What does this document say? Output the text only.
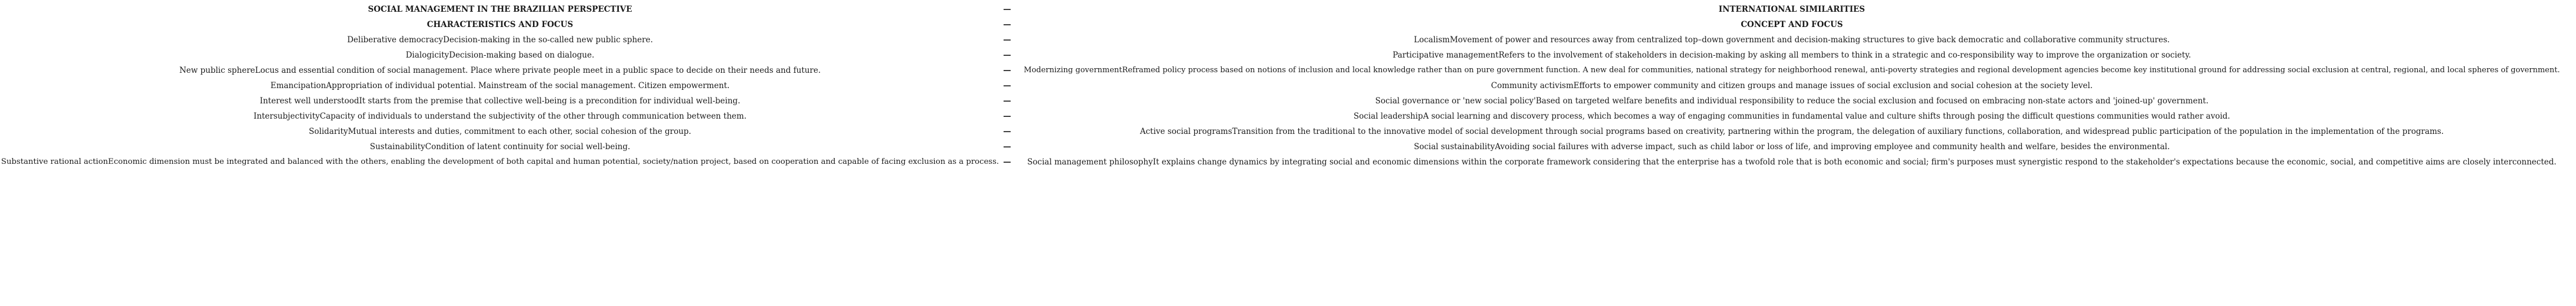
SOCIAL MANAGEMENT IN THE BRAZILIAN PERSPECTIVE	—	INTERNATIONAL SIMILARITIES
CHARACTERISTICS AND FOCUS	—	CONCEPT AND FOCUS
Deliberative democracyDecision-making in the so-called new public sphere.	—	LocalismMovement of power and resources away from centralized top–down government and decision-making structures to give back democratic and collaborative community structures.
DialogicityDecision-making based on dialogue.	—	Participative managementRefers to the involvement of stakeholders in decision-making by asking all members to think in a strategic and co-responsibility way to improve the organization or society.
New public sphereLocus and essential condition of social management. Place where private people meet in a public space to decide on their needs and future.	—	Modernizing governmentReframed policy process based on notions of inclusion and local knowledge rather than on pure government function. A new deal for communities, national strategy for neighborhood renewal, anti-poverty strategies and regional development agencies become key institutional ground for addressing social exclusion at central, regional, and local spheres of government.
EmancipationAppropriation of individual potential. Mainstream of the social management. Citizen empowerment.	—	Community activismEfforts to empower community and citizen groups and manage issues of social exclusion and social cohesion at the society level.
Interest well understoodIt starts from the premise that collective well-being is a precondition for individual well-being.	—	Social governance or 'new social policy'Based on targeted welfare benefits and individual responsibility to reduce the social exclusion and focused on embracing non-state actors and 'joined-up' government.
IntersubjectivityCapacity of individuals to understand the subjectivity of the other through communication between them.	—	Social leadershipA social learning and discovery process, which becomes a way of engaging communities in fundamental value and culture shifts through posing the difficult questions communities would rather avoid.
SolidarityMutual interests and duties, commitment to each other, social cohesion of the group.	—	Active social programsTransition from the traditional to the innovative model of social development through social programs based on creativity, partnering within the program, the delegation of auxiliary functions, collaboration, and widespread public participation of the population in the implementation of the programs.
SustainabilityCondition of latent continuity for social well-being.	—	Social sustainabilityAvoiding social failures with adverse impact, such as child labor or loss of life, and improving employee and community health and welfare, besides the environmental.
Substantive rational actionEconomic dimension must be integrated and balanced with the others, enabling the development of both capital and human potential, society/nation project, based on cooperation and capable of facing exclusion as a process. —	Social management philosophyIt explains change dynamics by integrating social and economic dimensions within the corporate framework considering that the enterprise has a twofold role that is both economic and social; firm's purposes must synergistic respond to the stakeholder's expectations because the economic, social, and competitive aims are closely interconnected.
